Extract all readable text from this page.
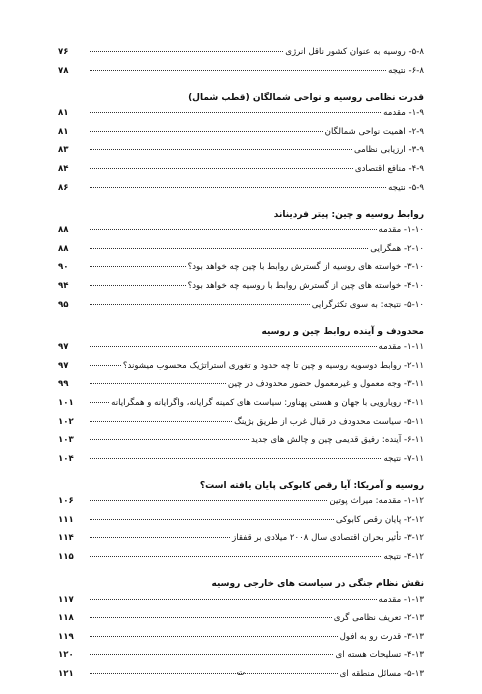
۵-۸- روسیه به عنوان کشور ناقل انرژی
۷۶
۶-۸- نتیجه
۷۸
قدرت نظامی روسیه و نواحی شمالگان (قطب شمال)
۱-۹- مقدمه
۸۱
۲-۹- اهمیت نواحی شمالگان
۸۱
۳-۹- ارزیابی نظامی
۸۳
۴-۹- منافع اقتصادی
۸۴
۵-۹- نتیجه
۸۶
روابط روسیه و چین: پیتر فردیناند
۱-۱۰- مقدمه
۸۸
۲-۱۰- همگرایی
۸۸
۳-۱۰- خواسته های روسیه از گسترش روابط با چین چه خواهد بود؟
۹۰
۴-۱۰- خواسته های چین از گسترش روابط با روسیه چه خواهد بود؟
۹۴
۵-۱۰- نتیجه: به سوی تکثرگرایی
۹۵
محدودف و آینده روابط چین و روسیه
۱-۱۱- مقدمه
۹۷
۲-۱۱- روابط دوسویه روسیه و چین تا چه حدود و تغوری استراتژیک محسوب میشوند؟
۹۷
۳-۱۱- وجه معمول و غیرمعمول حضور محدودف در چین
۹۹
۴-۱۱- رویارویی با جهان و هستی پهناور: سیاست های کمینه گرایانه، واگرایانه و همگرایانه
۱۰۱
۵-۱۱- سیاست محدودف در قبال غرب از طریق بژینگ
۱۰۲
۶-۱۱- آینده: رفیق قدیمی چین و چالش های جدید
۱۰۳
۷-۱۱- نتیجه
۱۰۴
روسیه و آمریکا: آیا رقص کابوکی پایان یافته است؟
۱-۱۲- مقدمه: میراث پوتین
۱۰۶
۲-۱۲- پایان رقص کابوکی
۱۱۱
۳-۱۲- تأثیر بحران اقتصادی سال ۲۰۰۸ میلادی بر قفقاز
۱۱۴
۴-۱۲- نتیجه
۱۱۵
نقش نظام جنگی در سیاست های خارجی روسیه
۱-۱۳- مقدمه
۱۱۷
۲-۱۳- تعریف نظامی گری
۱۱۸
۳-۱۳- قدرت رو به افول
۱۱۹
۴-۱۳- تسلیحات هسته ای
۱۲۰
۵-۱۳- مسائل منطقه ای
۱۲۱	ت
